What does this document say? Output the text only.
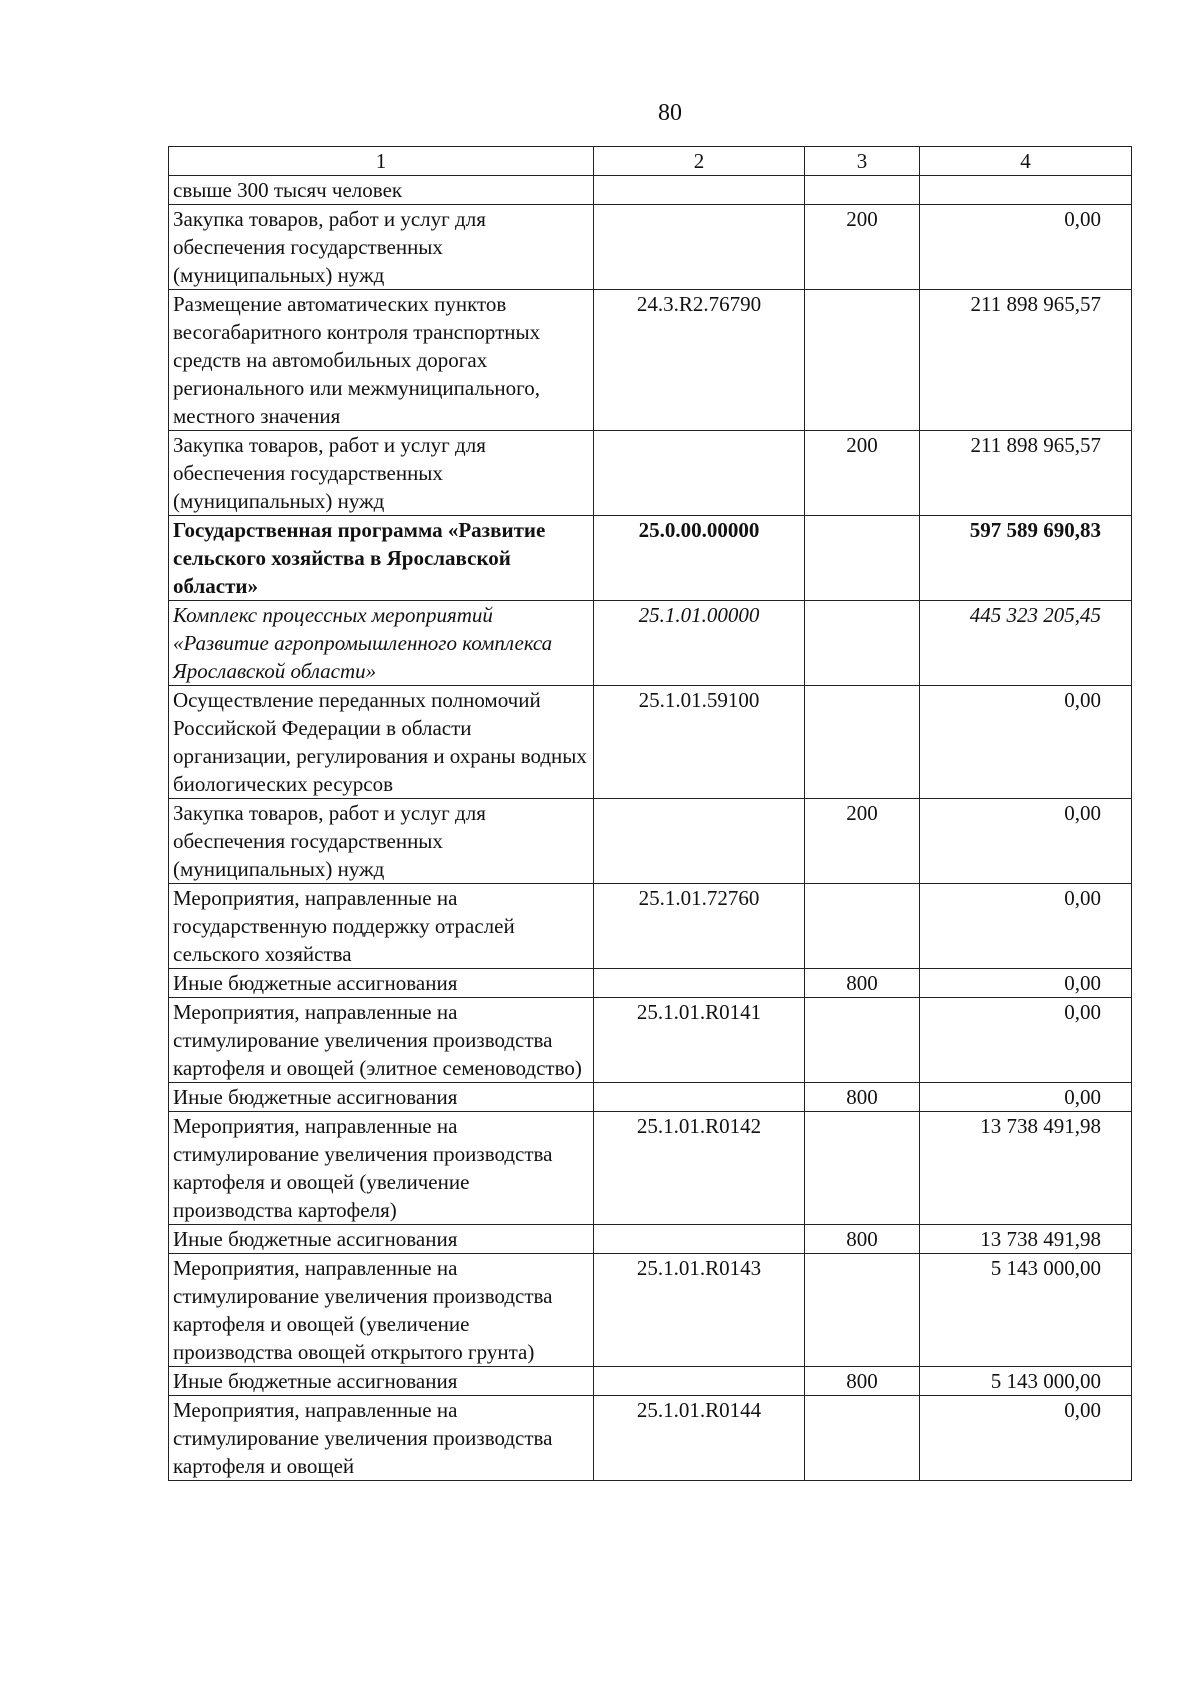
80
1	2	3	4
свыше 300 тысяч человек			
Закупка товаров, работ и услуг для обеспечения государственных (муниципальных) нужд		200	0,00
Размещение автоматических пунктов весогабаритного контроля транспортных средств на автомобильных дорогах регионального или межмуниципального, местного значения	24.3.R2.76790		211 898 965,57
Закупка товаров, работ и услуг для обеспечения государственных (муниципальных) нужд		200	211 898 965,57
Государственная программа «Развитие сельского хозяйства в Ярославской области»	25.0.00.00000		597 589 690,83
Комплекс процессных мероприятий «Развитие агропромышленного комплекса Ярославской области»	25.1.01.00000		445 323 205,45
Осуществление переданных полномочий Российской Федерации в области организации, регулирования и охраны водных биологических ресурсов	25.1.01.59100		0,00
Закупка товаров, работ и услуг для обеспечения государственных (муниципальных) нужд		200	0,00
Мероприятия, направленные на государственную поддержку отраслей сельского хозяйства	25.1.01.72760		0,00
Иные бюджетные ассигнования		800	0,00
Мероприятия, направленные на стимулирование увеличения производства картофеля и овощей (элитное семеноводство)	25.1.01.R0141		0,00
Иные бюджетные ассигнования		800	0,00
Мероприятия, направленные на стимулирование увеличения производства картофеля и овощей (увеличение производства картофеля)	25.1.01.R0142		13 738 491,98
Иные бюджетные ассигнования		800	13 738 491,98
Мероприятия, направленные на стимулирование увеличения производства картофеля и овощей (увеличение производства овощей открытого грунта)	25.1.01.R0143		5 143 000,00
Иные бюджетные ассигнования		800	5 143 000,00
Мероприятия, направленные на стимулирование увеличения производства картофеля и овощей	25.1.01.R0144		0,00
